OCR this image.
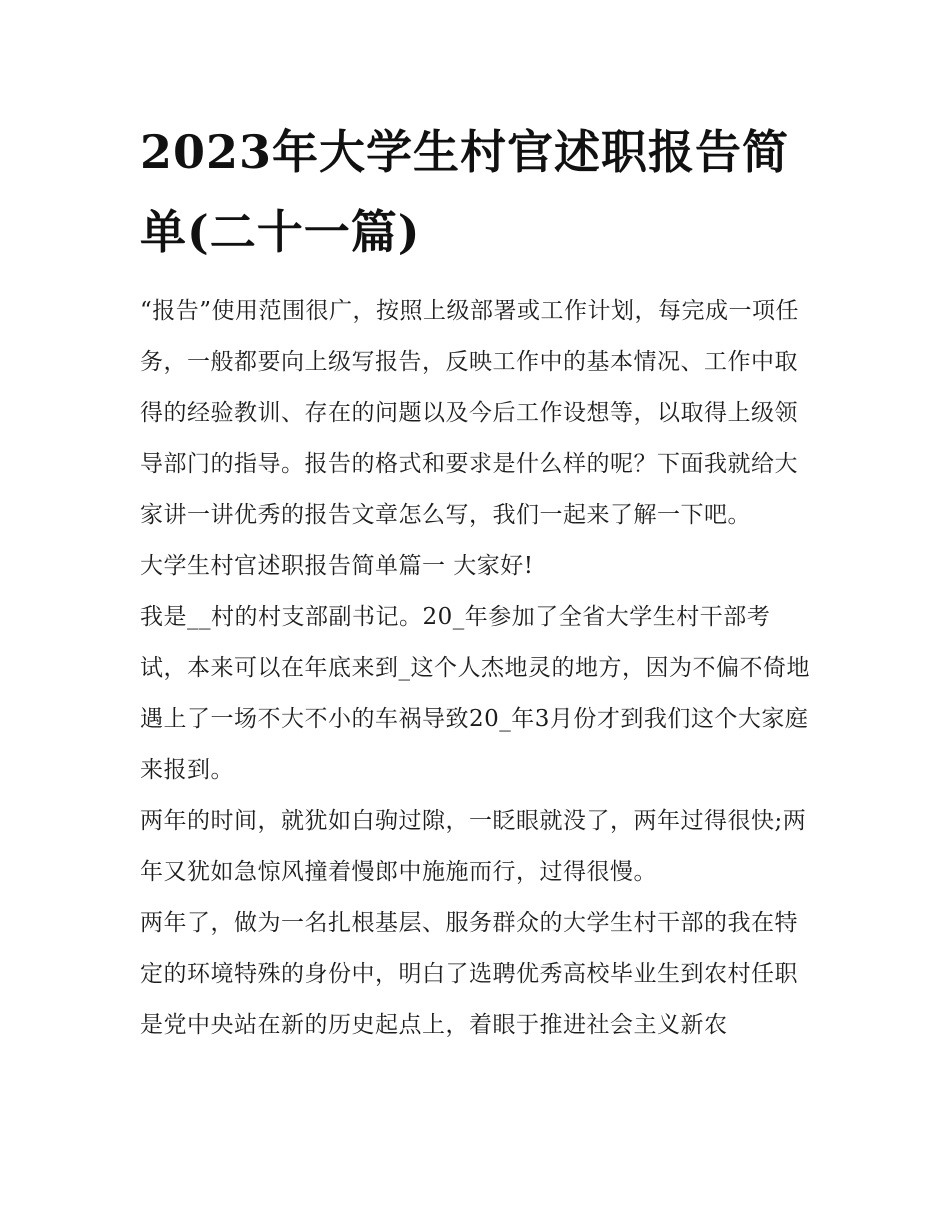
2023年大学生村官述职报告简单(二十一篇)

“报告”使用范围很广，按照上级部署或工作计划，每完成一项任务，一般都要向上级写报告，反映工作中的基本情况、工作中取得的经验教训、存在的问题以及今后工作设想等，以取得上级领导部门的指导。报告的格式和要求是什么样的呢？下面我就给大家讲一讲优秀的报告文章怎么写，我们一起来了解一下吧。

大学生村官述职报告简单篇一 大家好!

我是__村的村支部副书记。20_年参加了全省大学生村干部考试，本来可以在年底来到_这个人杰地灵的地方，因为不偏不倚地遇上了一场不大不小的车祸导致20_年3月份才到我们这个大家庭来报到。

两年的时间，就犹如白驹过隙，一眨眼就没了，两年过得很快;两年又犹如急惊风撞着慢郎中施施而行，过得很慢。

两年了，做为一名扎根基层、服务群众的大学生村干部的我在特定的环境特殊的身份中，明白了选聘优秀高校毕业生到农村任职是党中央站在新的历史起点上，着眼于推进社会主义新农
